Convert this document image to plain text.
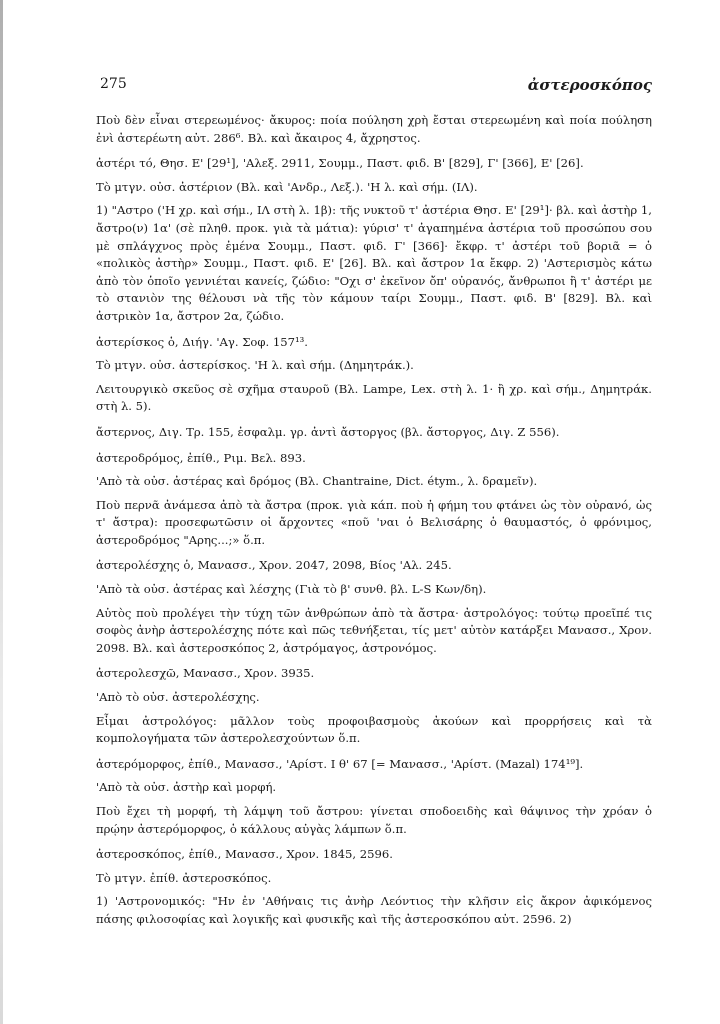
275	ἀστεροσκόπος

Ποὺ δὲν εἶναι στερεωμένος· ἄκυρος: ποία πούληση χρὴ ἔσται στερεωμένη καὶ ποία πούληση ἐνὶ ἀστερέωτη αὐτ. 286⁶. Βλ. καὶ ἄκαιρος 4, ἄχρηστος.

ἀστέρι τό, Θησ. Ε' [29¹], 'Αλεξ. 2911, Σουμμ., Παστ. φιδ. Β' [829], Γ' [366], Ε' [26].

Τὸ μτγν. οὐσ. ἀστέριον (Βλ. καὶ 'Ανδρ., Λεξ.). 'Η λ. καὶ σήμ. (ΙΛ).

1) "Αστρο ('Η χρ. καὶ σήμ., ΙΛ στὴ λ. 1β): τῆς νυκτοῦ τ' ἀστέρια Θησ. Ε' [29¹]· βλ. καὶ ἀστὴρ 1, ἄστρο(ν) 1α' (σὲ πληθ. προκ. γιὰ τὰ μάτια): γύρισ' τ' ἀγαπημένα ἀστέρια τοῦ προσώπου σου μὲ σπλάγχνος πρὸς ἐμένα Σουμμ., Παστ. φιδ. Γ' [366]· ἔκφρ. τ' ἀστέρι τοῦ βοριᾶ = ὁ «πολικὸς ἀστὴρ» Σουμμ., Παστ. φιδ. Ε' [26]. Βλ. καὶ ἄστρον 1α ἔκφρ. 2) 'Αστερισμὸς κάτω ἀπὸ τὸν ὁποῖο γεννιέται κανείς, ζώδιο: "Οχι σ' ἐκεῖνον ὄπ' οὐρανός, ἄνθρωποι ἢ τ' ἀστέρι με τὸ στανιὸν της θέλουσι νὰ τῆς τὸν κάμουν ταίρι Σουμμ., Παστ. φιδ. Β' [829]. Βλ. καὶ ἀστρικὸν 1α, ἄστρον 2α, ζώδιο.

ἀστερίσκος ὁ, Διήγ. 'Αγ. Σοφ. 157¹³.

Τὸ μτγν. οὐσ. ἀστερίσκος. 'Η λ. καὶ σήμ. (Δημητράκ.).

Λειτουργικὸ σκεῦος σὲ σχῆμα σταυροῦ (Βλ. Lampe, Lex. στὴ λ. 1· ἢ χρ. καὶ σήμ., Δημητράκ. στὴ λ. 5).

ἄστερνος, Διγ. Τρ. 155, ἐσφαλμ. γρ. ἀντὶ ἄστοργος (βλ. ἄστοργος, Διγ. Ζ 556).

ἀστεροδρόμος, ἐπίθ., Ριμ. Βελ. 893.

'Απὸ τὰ οὐσ. ἀστέρας καὶ δρόμος (Βλ. Chantraine, Dict. étym., λ. δραμεῖν).

Ποὺ περνᾶ ἀνάμεσα ἀπὸ τὰ ἄστρα (προκ. γιὰ κάπ. ποὺ ἡ φήμη του φτάνει ὡς τὸν οὐρανό, ὡς τ' ἄστρα): προσεφωτῶσιν οἱ ἄρχοντες «ποῦ 'ναι ὁ Βελισάρης ὁ θαυμαστός, ὁ φρόνιμος, ἀστεροδρόμος "Αρης...;» ὅ.π.

ἀστερολέσχης ὁ, Μανασσ., Χρον. 2047, 2098, Βίος 'Αλ. 245.

'Απὸ τὰ οὐσ. ἀστέρας καὶ λέσχης (Γιὰ τὸ β' συνθ. βλ. L-S Κων/δη).

Αὐτὸς ποὺ προλέγει τὴν τύχη τῶν ἀνθρώπων ἀπὸ τὰ ἄστρα· ἀστρολόγος: τούτῳ προεῖπέ τις σοφὸς ἀνὴρ ἀστερολέσχης πότε καὶ πῶς τεθνήξεται, τίς μετ' αὐτὸν κατάρξει Μανασσ., Χρον. 2098. Βλ. καὶ ἀστεροσκόπος 2, ἀστρόμαγος, ἀστρονόμος.

ἀστερολεσχῶ, Μανασσ., Χρον. 3935.

'Απὸ τὸ οὐσ. ἀστερολέσχης.

Εἶμαι ἀστρολόγος: μᾶλλον τοὺς προφοιβασμοὺς ἀκούων καὶ προρρήσεις καὶ τὰ κομπολογήματα τῶν ἀστερολεσχούντων ὅ.π.

ἀστερόμορφος, ἐπίθ., Μανασσ., 'Αρίστ. Ι θ' 67 [= Μανασσ., 'Αρίστ. (Mazal) 174¹⁹].

'Απὸ τὰ οὐσ. ἀστὴρ καὶ μορφή.

Ποὺ ἔχει τὴ μορφή, τὴ λάμψη τοῦ ἄστρου: γίνεται σποδοειδὴς καὶ θάψινος τὴν χρόαν ὁ πρῴην ἀστερόμορφος, ὁ κάλλους αὐγὰς λάμπων ὅ.π.

ἀστεροσκόπος, ἐπίθ., Μανασσ., Χρον. 1845, 2596.

Τὸ μτγν. ἐπίθ. ἀστεροσκόπος.

1) 'Αστρονομικός: "Ην ἐν 'Αθήναις τις ἀνὴρ Λεόντιος τὴν κλῆσιν εἰς ἄκρον ἀφικόμενος πάσης φιλοσοφίας καὶ λογικῆς καὶ φυσικῆς καὶ τῆς ἀστεροσκόπου αὐτ. 2596. 2)
